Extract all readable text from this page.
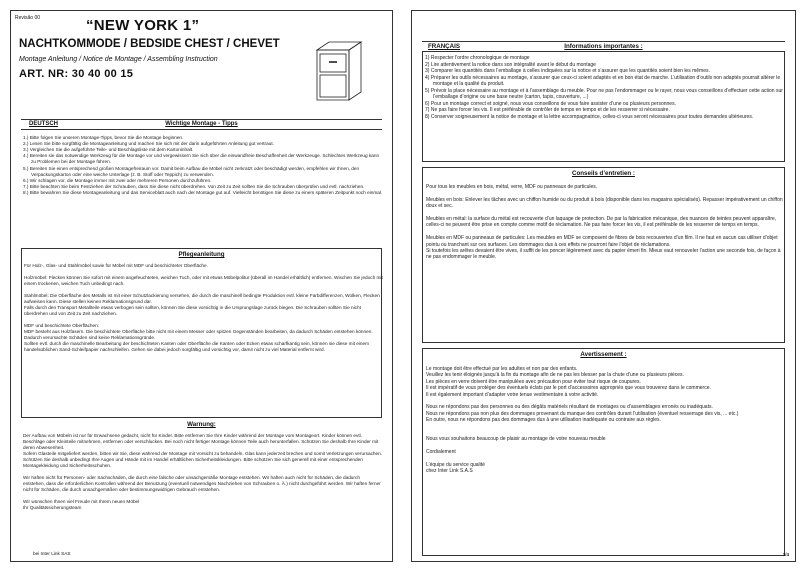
Revisão 00	“NEW YORK 1”
NACHTKOMMODE / BEDSIDE CHEST / CHEVET
Montage Anleitung / Notice de Montage / Assembling Instruction
ART. NR: 30 40 00 15
DEUTSCH	Wichtige Montage - Tipps
1.) Bitte folgen Sie unseren Montage-Tipps, bevor Sie die Montage beginnen.
2.) Lesen Sie bitte sorgfältig die Montageanleitung und machen Sie sich mit der darin aufgeführten Anleitung gut vertraut.
3.) Vergleichen Sie die aufgeführte Teile- und Beschlagsliste mit dem Kartoninhalt.
4.) Bereiten sie das notwendige Werkzeug für die Montage vor und vergewissern Sie sich über die einwandfreie Beschaffenheit der Werkzeuge. Schlechtes Werkzeug kann zu Problemen bei der Montage führen.
5.) Bereiten Sie einen entsprechend großen Montagefreiraum vor. Damit beim Aufbau die Möbel nicht zerkratzt oder beschädigt werden, empfehlen wir Ihnen, den Verpackungskarton oder eine weiche Unterlage (z. B. Stoff oder Teppich) zu verwenden.
6.) Wir schlagen vor, die Montage immer mit zwei oder mehreren Personen durchzuführen.
7.) Bitte beachten Sie beim Festziehen der Schrauben, dass Sie diese nicht überdrehen. Von Zeit zu Zeit sollten Sie die Schrauben überprüfen und evtl. nachziehen.
8.) Bitte bewahren Sie diese Montageanleitung und das Serviceblatt auch nach der Montage gut auf. Vielleicht benötigen Sie diese zu einem späteren Zeitpunkt noch einmal.
Pflegeanleitung
Für Holz-, Glas- und Stahlmöbel sowie für Möbel mit MDF und beschichteter Oberfläche.

Holzmöbel: Flecken können Sie sofort mit einem angefeuchteten, weichen Tuch, oder mit etwas Möbelpolitur (überall im Handel erhältlich) entfernen. Wischen Sie jedoch mit einem trockenen, weichen Tuch unbedingt nach.

Stahlmöbel: Die Oberfläche des Metalls ist mit einer Schutzlackierung versehen, die durch die maschinell bedingte Produktion evtl. kleine Farbdifferenzen, Wolken, Flecken aufweisen kann. Diese stellen keinen Reklamationsgrund dar.
Falls durch den Transport Metallteile etwas verbogen sein sollten, können Sie diese vorsichtig in die Ursprungslage zurück biegen. Die Schrauben sollten Sie nicht überdrehen und von Zeit zu Zeit nachziehen.

MDF und beschichtete Oberflächen:
MDF besteht aus Holzfasern. Die beschichtete Oberfläche bitte nicht mit einem Messer oder spitzen Gegenständen bearbeiten, da dadurch Schäden entstehen können. Dadurch verursachte Schäden sind keine Reklamationsgründe.
Sollten evtl. durch die maschinelle Bearbeitung der beschichteten Kanten oder Oberfläche die Kanten oder Ecken etwas scharfkantig sein, können sie diese mit einem handelsüblichen Sand-Schleifpapier nachschleifen. Gehen sie dabei jedoch sorgfältig und vorsichtig vor, damit nicht zu viel Material entfernt wird.
Warnung:
Der Aufbau von Möbeln ist nur für Erwachsene gedacht, nicht für Kinder. Bitte entfernen Sie Ihre Kinder während der Montage vom Montageort. Kinder können evtl. Beschläge oder Kleinteile mitnehmen, entfernen oder verschlucken. Bei noch nicht fertiger Montage können Teile auch herunterfallen. Schützen Sie deshalb Ihre Kinder mit deren Abwesenheit.
Sofern Glasteile mitgeliefert werden, bitten wir Sie, diese während der Montage mit Vorsicht zu behandeln. Glas kann jederzeit brechen und somit Verletzungen verursachen. Schützen Sie deshalb unbedingt Ihre Augen und Hände mit im Handel erhältlichen Sicherheitskleidungen. Bitte schützen Sie sich generell mit einer entsprechenden Montagekleidung und Sicherheitsschuhen.

Wir haften nicht für Personen- oder Sachschäden, die durch eine falsche oder unsachgemäße Montage entstehen. Wir haften auch nicht für Schäden, die dadurch entstehen, dass die erforderlichen Kontrollen während der Benutzung (eventuell notwendiges Nachziehen von Schrauben o. Ä.) nicht durchgeführt werden. Wir haften ferner nicht für Schäden, die durch unsachgemäßen oder bestimmungswidrigen Gebrauch entstehen.

Wir wünschen Ihnen viel Freude mit Ihrem neuen Möbel
Ihr Qualitätssicherungsteam
bei Inter Link SAS
FRANÇAIS	Informations importantes :
1) Respecter l’ordre chronologique de montage
2) Lire attentivement la notice dans son intégralité avant le début du montage
3) Comparer les quantités dans l’emballage à celles indiquées sur la notice et s’assurer que les quantités soient bien les mêmes.
4) Préparer les outils nécessaires au montage, s’assurer que ceux-ci soient adaptés et en bon état de marche. L’utilisation d’outils non adaptés pourrait altérer le montage et la qualité du produit.
5) Prévoir la place nécessaire au montage et à l’assemblage du meuble. Pour ne pas l’endommager ou le rayer, nous vous conseillons d’effectuer cette action sur l’emballage d’origine ou une base neutre (carton, tapis, couverture, ...)
6) Pour un montage correct et soigné, nous vous conseillons de vous faire assister d’une ou plusieurs personnes.
7) Ne pas faire forcer les vis. Il est préférable de contrôler de temps en temps et de les resserrer si nécessaire.
8) Conserver soigneusement la notice de montage et la lettre accompagnatrice, celles-ci vous seront nécessaires pour toutes demandes ultérieures.
Conseils d’entretien :
Pour tous les meubles en bois, métal, verre, MDF ou panneaux de particules.

Meubles en bois: Enlever les tâches avec un chiffon humide ou du produit à bois (disponible dans les magasins spécialisés). Repasser impérativement un chiffon doux et sec.

Meubles en métal: la surface du métal est recouverte d’un laquage de protection. De par la fabrication mécanique, des nuances de teintes peuvent apparaître, celles-ci ne peuvent être prise en compte comme motif de réclamation. Ne pas faire forcer les vis, il est préférable de les resserrer de temps en temps.

Meubles en MDF ou panneaux de particules: Les meubles en MDF se composent de fibres de bois recouvertes d’un film. Il ne faut en aucun cas utiliser d’objet pointu ou tranchant sur ces surfaces. Les dommages dus à ces effets ne pourront faire l’objet de réclamations.
Si toutefois les arêtes devaient être vives, il suffit de les poncer légèrement avec du papier émeri fin. Mieux vaut renouveler l’action une seconde fois, de façon à ne pas endommager le meuble.
Avertissement :
Le montage doit être effectué par les adultes et non par des enfants.
Veuillez les tenir éloignés jusqu’à la fin du montage afin de ne pas les blesser par la chute d’une ou plusieurs pièces.
Les pièces en verre doivent être manipulées avec précaution pour éviter tout risque de coupures.
Il est impératif de vous protéger des éventuels éclats par le port d’accessoires appropriés que vous trouverez dans le commerce.
Il est également important d’adapter votre tenue vestimentaire à votre activité.

Nous ne répondons pas des personnes ou des dégâts matériels résultant de montages ou d’assemblages erronés ou inadéquats.
Nous ne répondons pas non plus des dommages provenant du manque des contrôles durant l’utilisation (éventuel resserrage des vis, ... etc.)
En outre, nous ne répondons pas des dommages dus à une utilisation inadéquate ou contraire aux règles.

Nous vous souhaitons beaucoup de plaisir au montage de votre nouveau meuble

Cordialement

L’équipe du service qualité
chez Inter Link S.A.S
1/4
